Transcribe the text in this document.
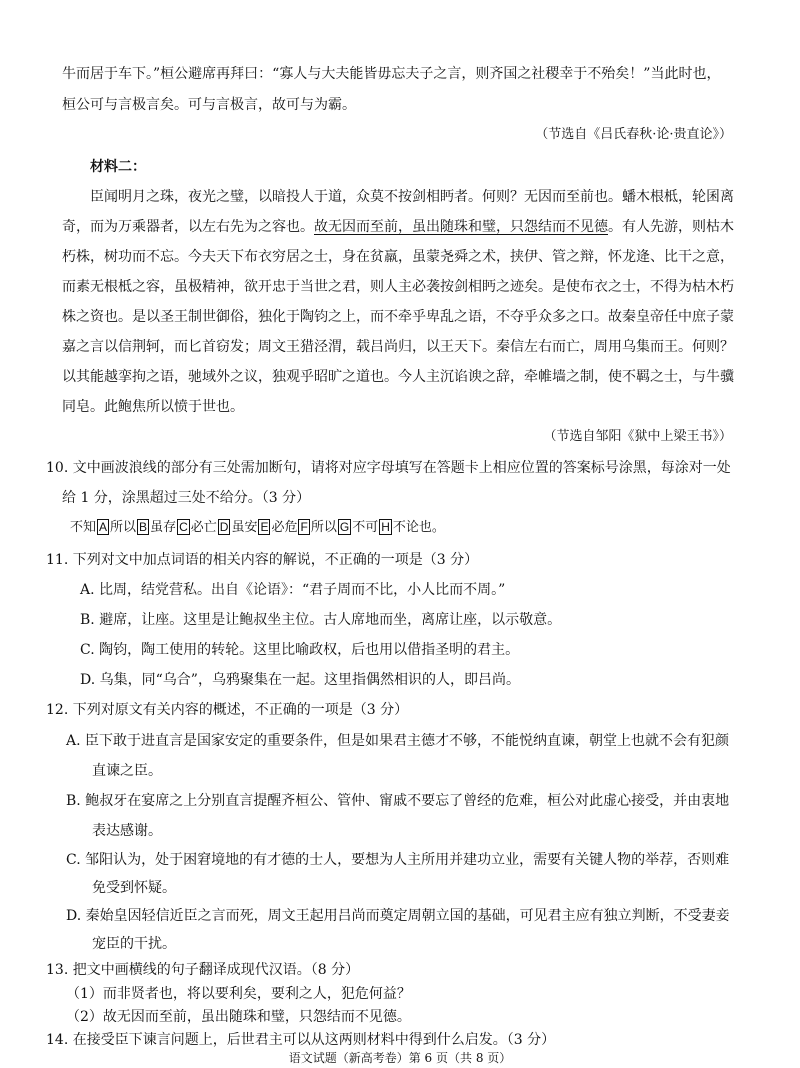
牛而居于车下。”桓公避席再拜曰：“寡人与大夫能皆毋忘夫子之言，则齐国之社稷幸于不殆矣！”当此时也，
桓公可与言极言矣。可与言极言，故可与为霸。
（节选自《吕氏春秋·论·贵直论》）
材料二：
臣闻明月之珠，夜光之璧，以暗投人于道，众莫不按剑相眄者。何则？无因而至前也。蟠木根柢，轮囷离
奇，而为万乘器者，以左右先为之容也。故无因而至前，虽出随珠和璧，只怨结而不见德。有人先游，则枯木
朽株，树功而不忘。今夫天下布衣穷居之士，身在贫羸，虽蒙尧舜之术，挟伊、管之辩，怀龙逄、比干之意，
而素无根柢之容，虽极精神，欲开忠于当世之君，则人主必袭按剑相眄之迹矣。是使布衣之士，不得为枯木朽
株之资也。是以圣王制世御俗，独化于陶钧之上，而不牵乎卑乱之语，不夺乎众多之口。故秦皇帝任中庶子蒙
嘉之言以信荆轲，而匕首窃发；周文王猎泾渭，载吕尚归，以王天下。秦信左右而亡，周用乌集而王。何则？
以其能越挛拘之语，驰域外之议，独观乎昭旷之道也。今人主沉谄谀之辞，牵帷墙之制，使不羁之士，与牛骥
同皂。此鲍焦所以愤于世也。
（节选自邹阳《狱中上梁王书》）
10. 文中画波浪线的部分有三处需加断句，请将对应字母填写在答题卡上相应位置的答案标号涂黑，每涂对一处
给 1 分，涂黑超过三处不给分。（3 分）
不知 A 所以 B 虽存 C 必亡 D 虽安 E 必危 F 所以 G 不可 H 不论也。
11. 下列对文中加点词语的相关内容的解说，不正确的一项是（3 分）
A. 比周，结党营私。出自《论语》：“君子周而不比，小人比而不周。”
B. 避席，让座。这里是让鲍叔坐主位。古人席地而坐，离席让座，以示敬意。
C. 陶钧，陶工使用的转轮。这里比喻政权，后也用以借指圣明的君主。
D. 乌集，同“乌合”，乌鸦聚集在一起。这里指偶然相识的人，即吕尚。
12. 下列对原文有关内容的概述，不正确的一项是（3 分）
A. 臣下敢于进直言是国家安定的重要条件，但是如果君主德才不够，不能悦纳直谏，朝堂上也就不会有犯颜
直谏之臣。
B. 鲍叔牙在宴席之上分别直言提醒齐桓公、管仲、甯戚不要忘了曾经的危难，桓公对此虚心接受，并由衷地
表达感谢。
C. 邹阳认为，处于困窘境地的有才德的士人，要想为人主所用并建功立业，需要有关键人物的举荐，否则难
免受到怀疑。
D. 秦始皇因轻信近臣之言而死，周文王起用吕尚而奠定周朝立国的基础，可见君主应有独立判断，不受妻妾
宠臣的干扰。
13. 把文中画横线的句子翻译成现代汉语。（8 分）
（1）而非贤者也，将以要利矣，要利之人，犯危何益？
（2）故无因而至前，虽出随珠和璧，只怨结而不见德。
14. 在接受臣下谏言问题上，后世君主可以从这两则材料中得到什么启发。（3 分）
语文试题（新高考卷）第 6 页（共 8 页）
